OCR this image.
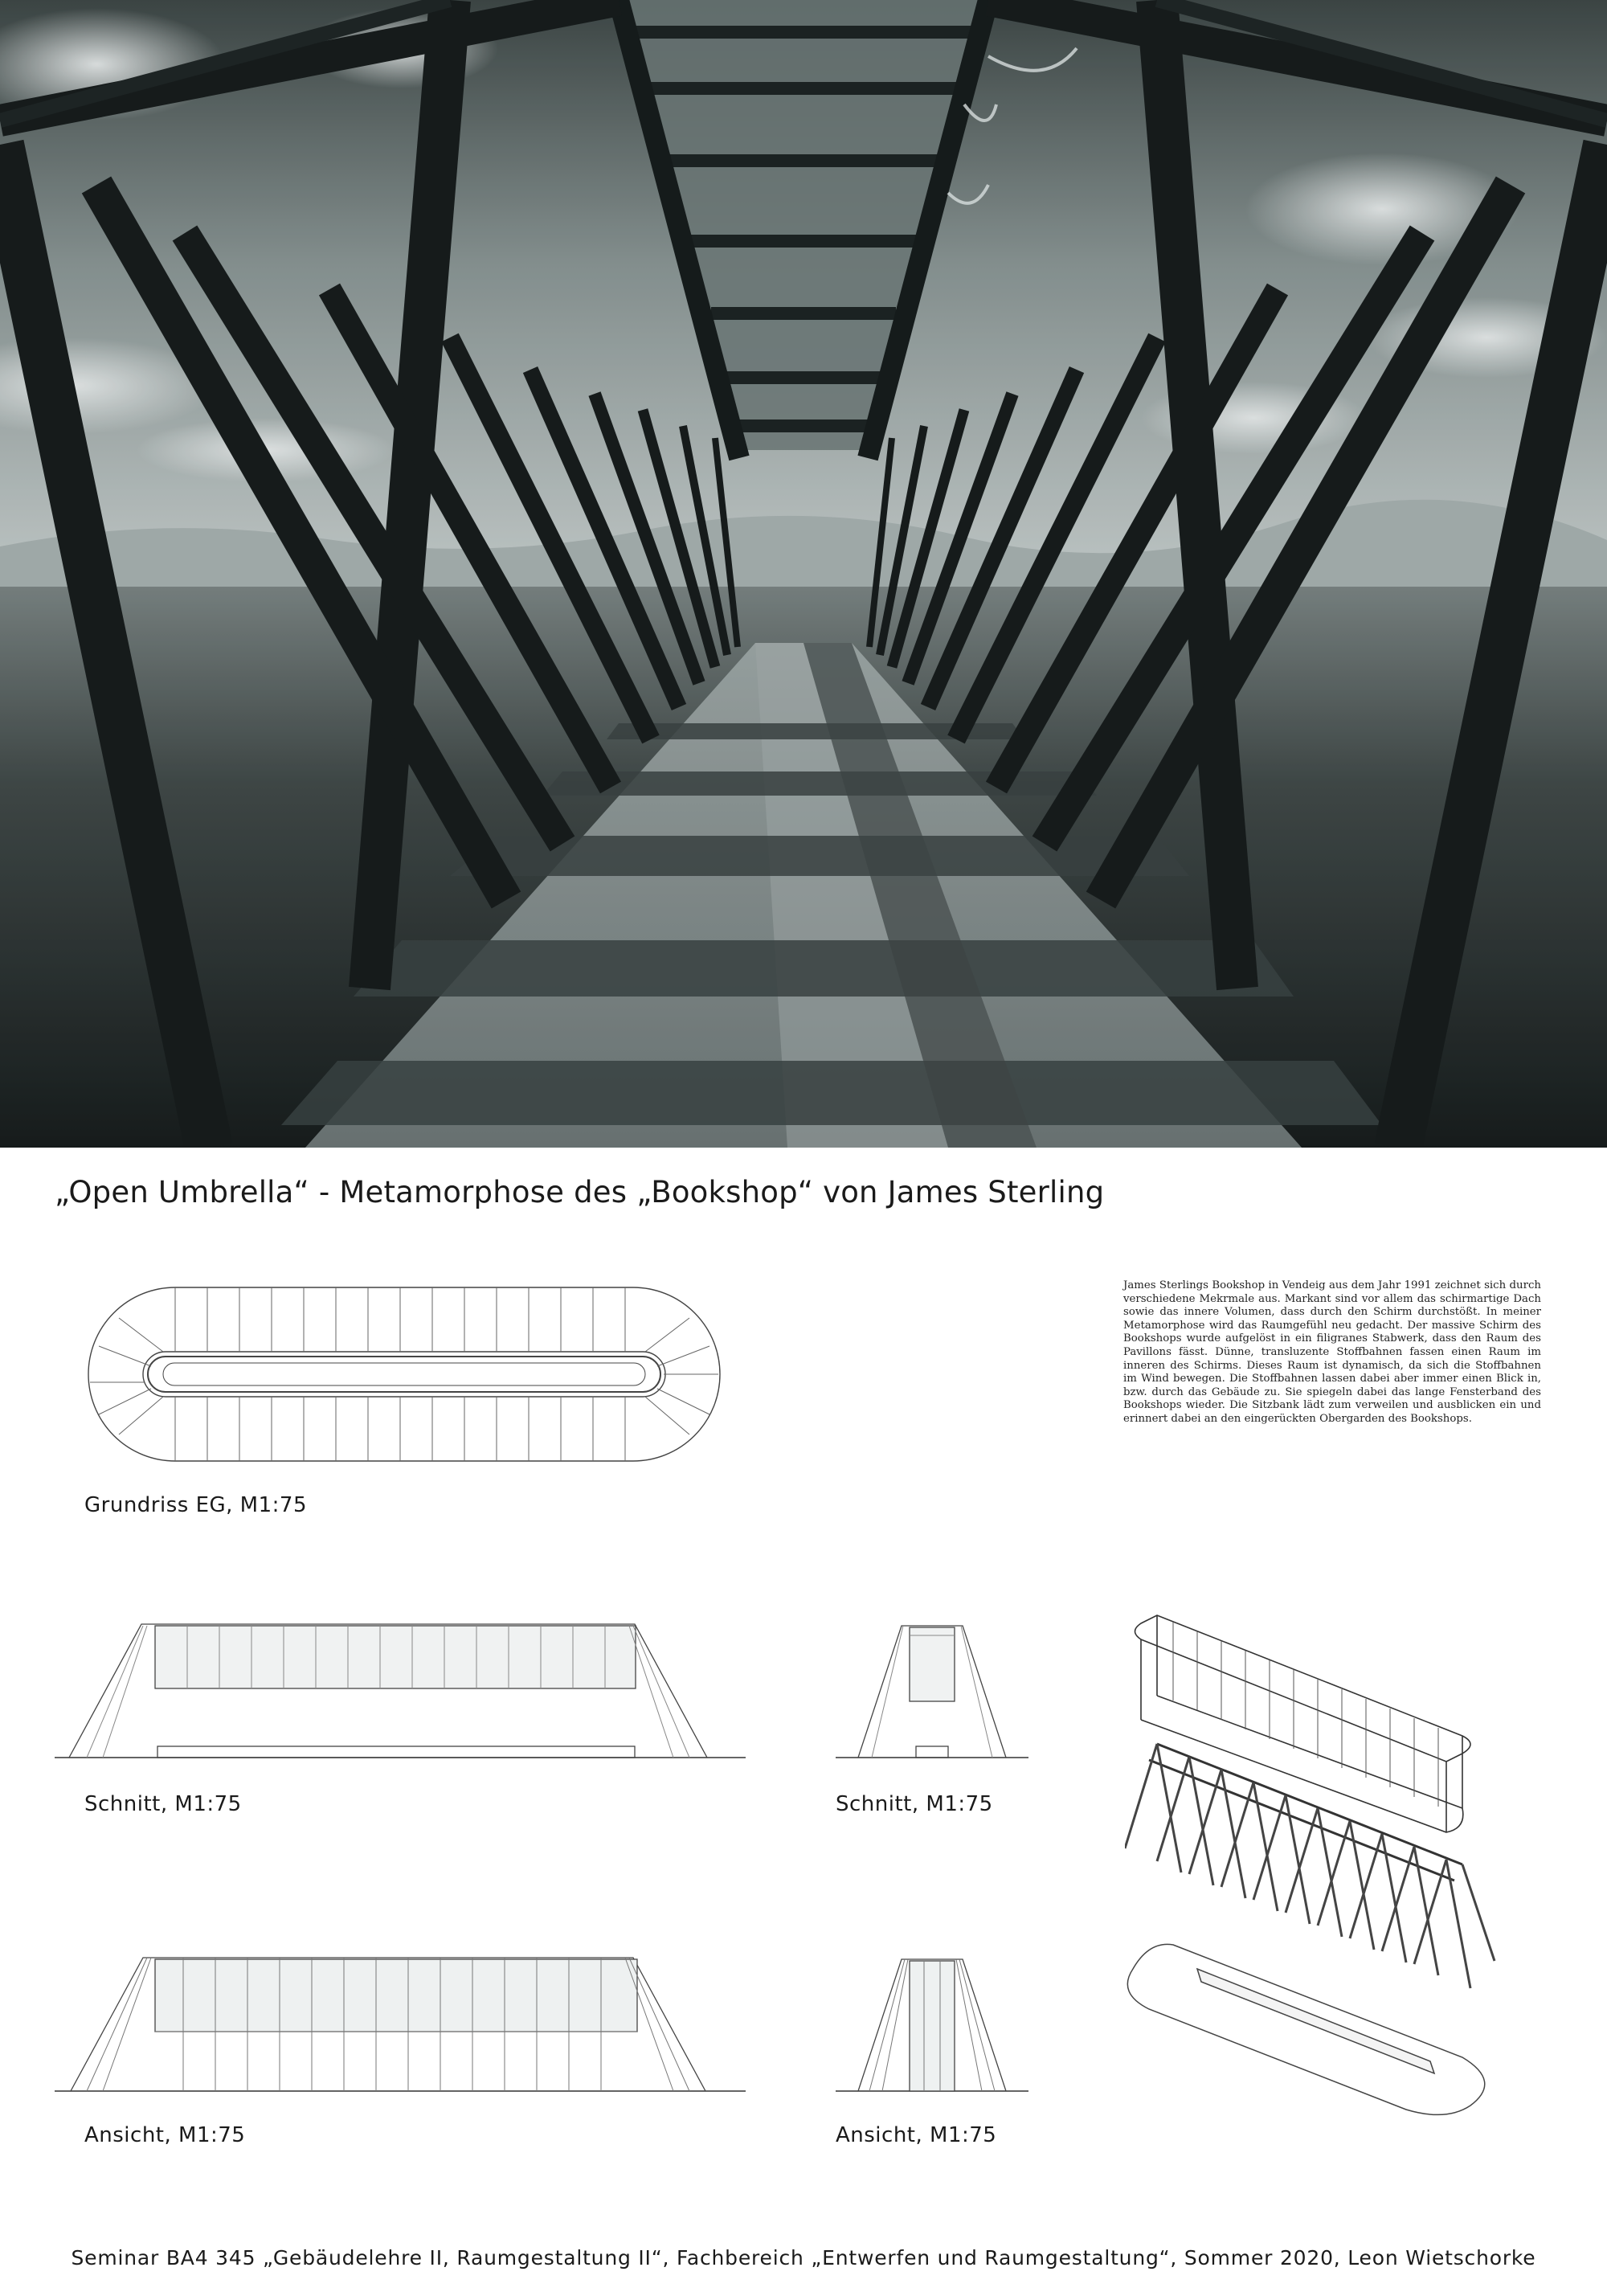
„Open Umbrella“ - Metamorphose des „Bookshop“ von James Sterling
Grundriss EG, M1:75
James Sterlings Bookshop in Vendeig aus dem Jahr 1991 zeichnet sich durch verschiedene Mekrmale aus. Markant sind vor allem das schirmartige Dach sowie das innere Volumen, dass durch den Schirm durchstößt. In meiner Metamorphose wird das Raumgefühl neu gedacht. Der massive Schirm des Bookshops wurde aufgelöst in ein filigranes Stabwerk, dass den Raum des Pavillons fässt. Dünne, transluzente Stoffbahnen fassen einen Raum im inneren des Schirms. Dieses Raum ist dynamisch, da sich die Stoffbahnen im Wind bewegen. Die Stoffbahnen lassen dabei aber immer einen Blick in, bzw. durch das Gebäude zu. Sie spiegeln dabei das lange Fensterband des Bookshops wieder. Die Sitzbank lädt zum verweilen und ausblicken ein und erinnert dabei an den eingerückten Obergarden des Bookshops.
Schnitt, M1:75	Schnitt, M1:75
Ansicht, M1:75	Ansicht, M1:75
Seminar BA4 345 „Gebäudelehre II, Raumgestaltung II“, Fachbereich „Entwerfen und Raumgestaltung“, Sommer 2020, Leon Wietschorke
